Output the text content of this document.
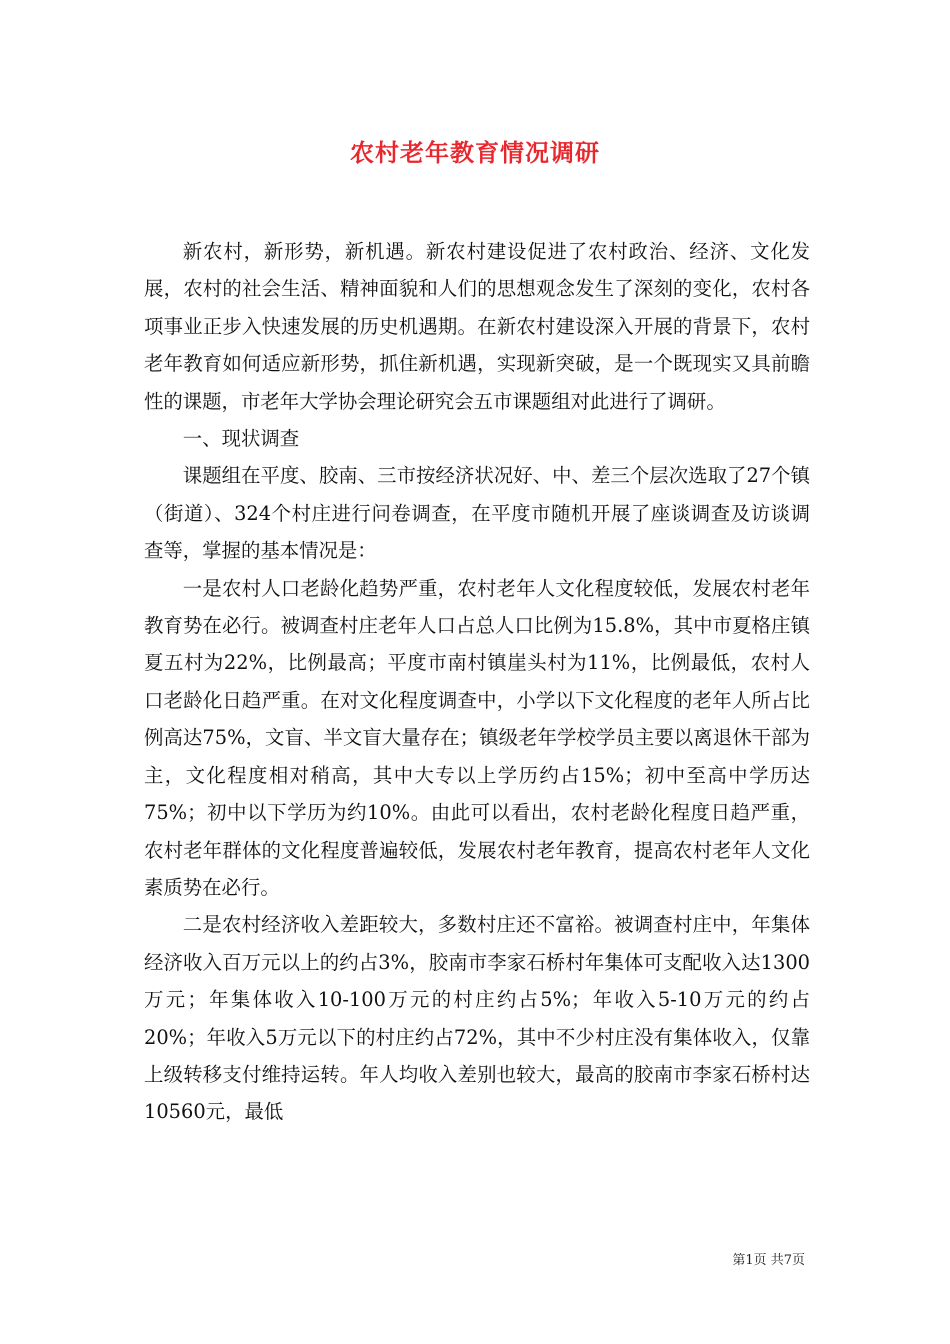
农村老年教育情况调研

新农村，新形势，新机遇。新农村建设促进了农村政治、经济、文化发展，农村的社会生活、精神面貌和人们的思想观念发生了深刻的变化，农村各项事业正步入快速发展的历史机遇期。在新农村建设深入开展的背景下，农村老年教育如何适应新形势，抓住新机遇，实现新突破，是一个既现实又具前瞻性的课题，市老年大学协会理论研究会五市课题组对此进行了调研。

一、现状调查

课题组在平度、胶南、三市按经济状况好、中、差三个层次选取了27个镇（街道）、324个村庄进行问卷调查，在平度市随机开展了座谈调查及访谈调查等，掌握的基本情况是：

一是农村人口老龄化趋势严重，农村老年人文化程度较低，发展农村老年教育势在必行。被调查村庄老年人口占总人口比例为15.8%，其中市夏格庄镇夏五村为22%，比例最高；平度市南村镇崖头村为11%，比例最低，农村人口老龄化日趋严重。在对文化程度调查中，小学以下文化程度的老年人所占比例高达75%，文盲、半文盲大量存在；镇级老年学校学员主要以离退休干部为主，文化程度相对稍高，其中大专以上学历约占15%；初中至高中学历达75%；初中以下学历为约10%。由此可以看出，农村老龄化程度日趋严重，农村老年群体的文化程度普遍较低，发展农村老年教育，提高农村老年人文化素质势在必行。

二是农村经济收入差距较大，多数村庄还不富裕。被调查村庄中，年集体经济收入百万元以上的约占3%，胶南市李家石桥村年集体可支配收入达1300万元；年集体收入10-100万元的村庄约占5%；年收入5-10万元的约占20%；年收入5万元以下的村庄约占72%，其中不少村庄没有集体收入，仅靠上级转移支付维持运转。年人均收入差别也较大，最高的胶南市李家石桥村达10560元，最低

第1页 共7页
